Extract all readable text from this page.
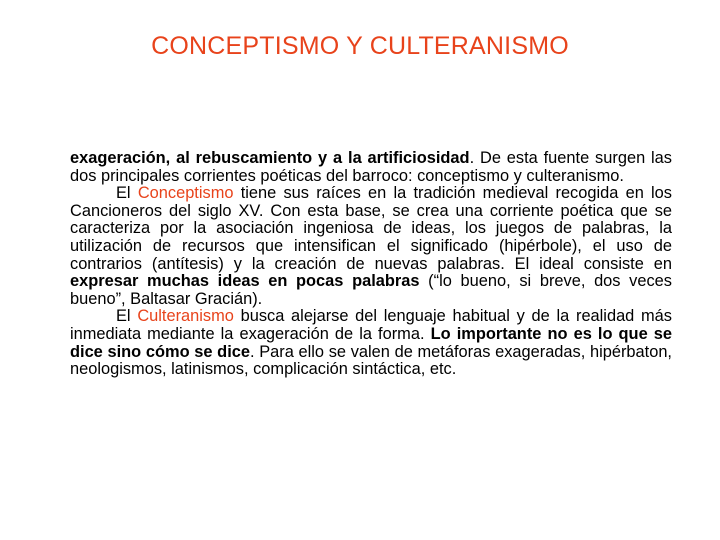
CONCEPTISMO Y CULTERANISMO

exageración, al rebuscamiento y a la artificiosidad. De esta fuente surgen las dos principales corrientes poéticas del barroco: conceptismo y culteranismo.

El Conceptismo tiene sus raíces en la tradición medieval recogida en los Cancioneros del siglo XV. Con esta base, se crea una corriente poética que se caracteriza por la asociación ingeniosa de ideas, los juegos de palabras, la utilización de recursos que intensifican el significado (hipérbole), el uso de contrarios (antítesis) y la creación de nuevas palabras. El ideal consiste en expresar muchas ideas en pocas palabras (“lo bueno, si breve, dos veces bueno”, Baltasar Gracián).

El Culteranismo busca alejarse del lenguaje habitual y de la realidad más inmediata mediante la exageración de la forma. Lo importante no es lo que se dice sino cómo se dice. Para ello se valen de metáforas exageradas, hipérbaton, neologismos, latinismos, complicación sintáctica, etc.
